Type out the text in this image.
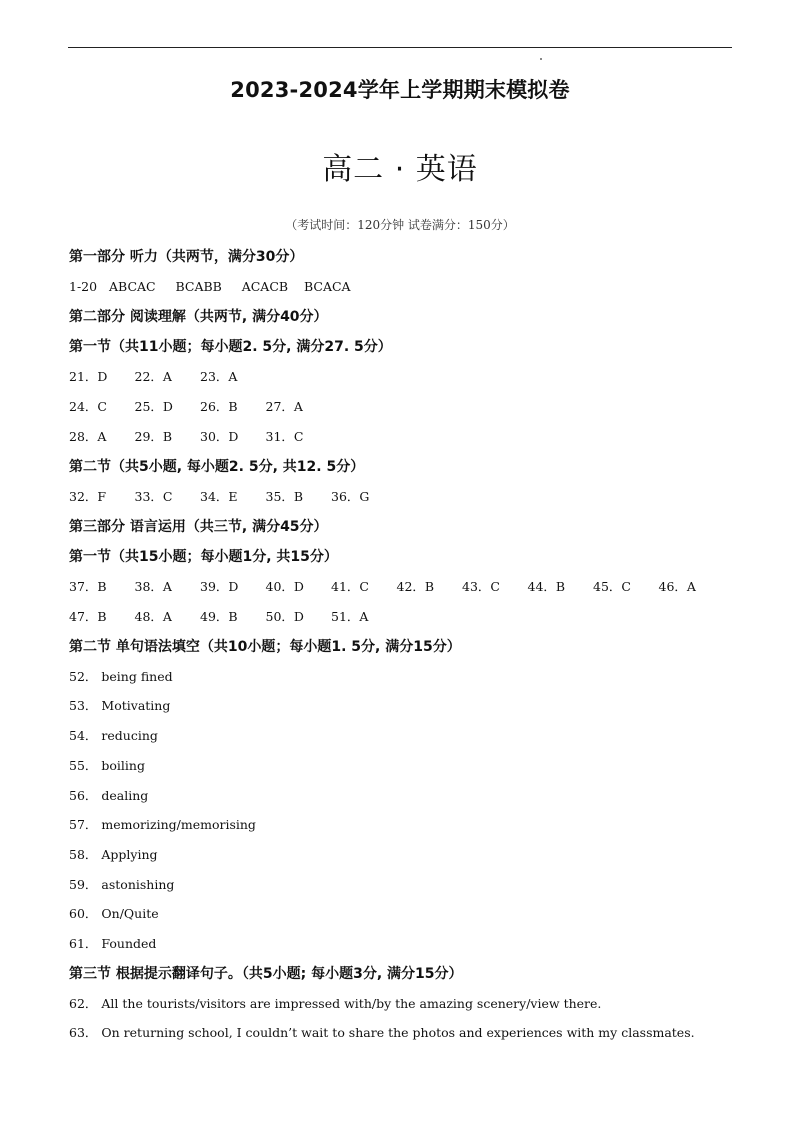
2023-2024学年上学期期末模拟卷
高二 · 英语
（考试时间：120分钟 试卷满分：150分）
第一部分 听力（共两节，满分30分）
1-20   ABCAC     BCABB     ACACB    BCACA
第二部分 阅读理解（共两节, 满分40分）
第一节（共11小题；每小题2. 5分, 满分27. 5分）
21．D	22．A	23．A
24．C	25．D	26．B	27．A
28．A	29．B	30．D	31．C
第二节（共5小题, 每小题2. 5分, 共12. 5分）
32．F	33．C	34．E	35．B	36．G
第三部分 语言运用（共三节, 满分45分）
第一节（共15小题；每小题1分, 共15分）
37．B	38．A	39．D	40．D	41．C	42．B	43．C	44．B	45．C	46．A
47．B	48．A	49．B	50．D	51．A
第二节 单句语法填空（共10小题；每小题1. 5分, 满分15分）
52． being fined
53． Motivating
54． reducing
55． boiling
56． dealing
57． memorizing/memorising
58． Applying
59． astonishing
60． On/Quite
61． Founded
第三节 根据提示翻译句子。（共5小题; 每小题3分, 满分15分）
62． All the tourists/visitors are impressed with/by the amazing scenery/view there.
63． On returning school, I couldn’t wait to share the photos and experiences with my classmates.
